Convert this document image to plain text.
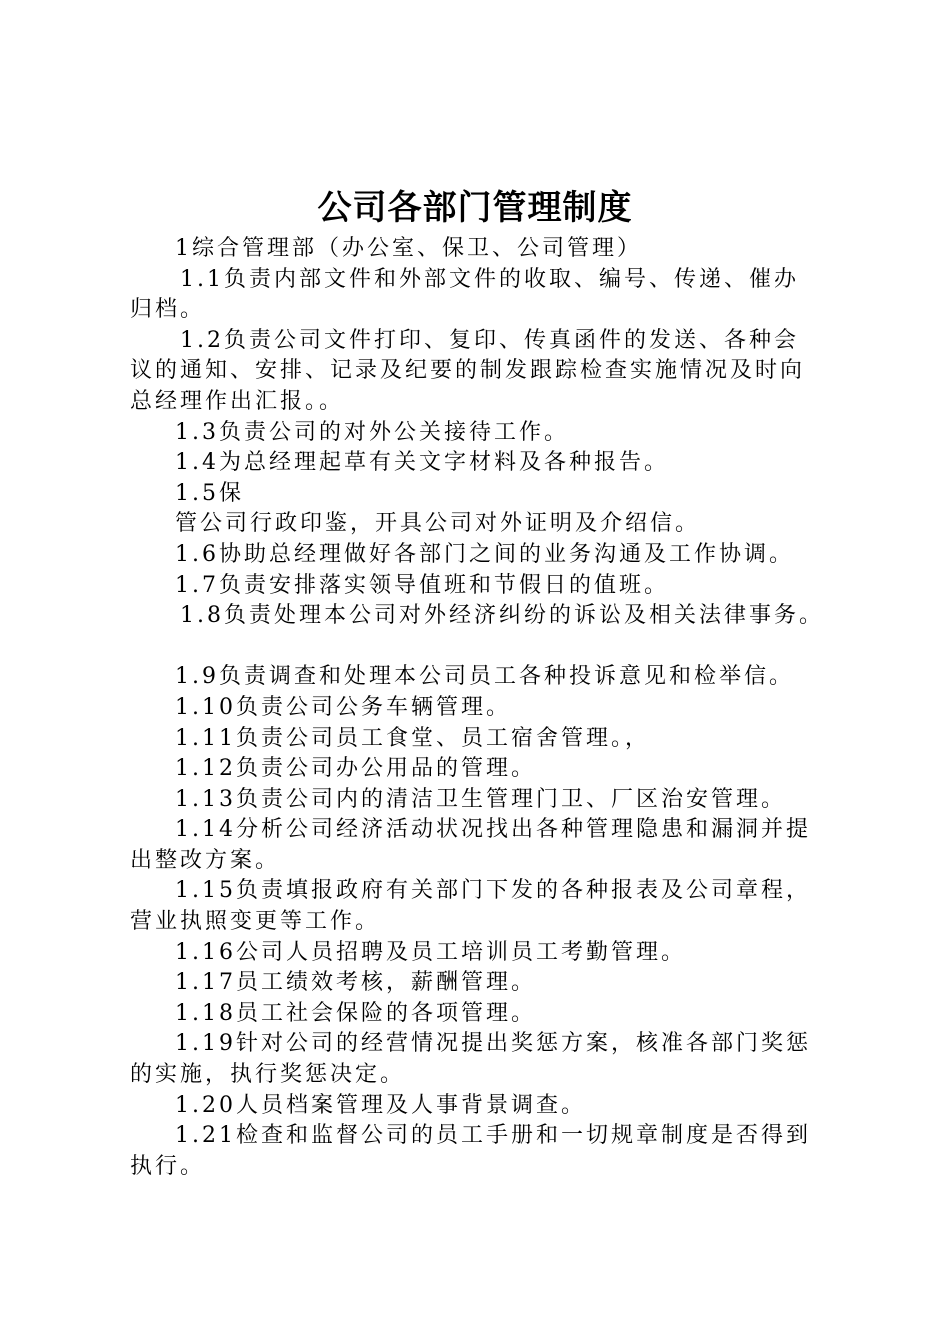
公司各部门管理制度

1综合管理部（办公室、保卫、公司管理）

1.1负责内部文件和外部文件的收取、编号、传递、催办

归档。

1.2负责公司文件打印、复印、传真函件的发送、各种会

议的通知、安排、记录及纪要的制发跟踪检查实施情况及时向

总经理作出汇报。。

1.3负责公司的对外公关接待工作。

1.4为总经理起草有关文字材料及各种报告。

1.5保

管公司行政印鉴，开具公司对外证明及介绍信。

1.6协助总经理做好各部门之间的业务沟通及工作协调。

1.7负责安排落实领导值班和节假日的值班。

1.8负责处理本公司对外经济纠纷的诉讼及相关法律事务。

1.9负责调查和处理本公司员工各种投诉意见和检举信。

1.10负责公司公务车辆管理。

1.11负责公司员工食堂、员工宿舍管理。，

1.12负责公司办公用品的管理。

1.13负责公司内的清洁卫生管理门卫、厂区治安管理。

1.14分析公司经济活动状况找出各种管理隐患和漏洞并提

出整改方案。

1.15负责填报政府有关部门下发的各种报表及公司章程，

营业执照变更等工作。

1.16公司人员招聘及员工培训员工考勤管理。

1.17员工绩效考核，薪酬管理。

1.18员工社会保险的各项管理。

1.19针对公司的经营情况提出奖惩方案，核准各部门奖惩

的实施，执行奖惩决定。

1.20人员档案管理及人事背景调查。

1.21检查和监督公司的员工手册和一切规章制度是否得到

执行。
